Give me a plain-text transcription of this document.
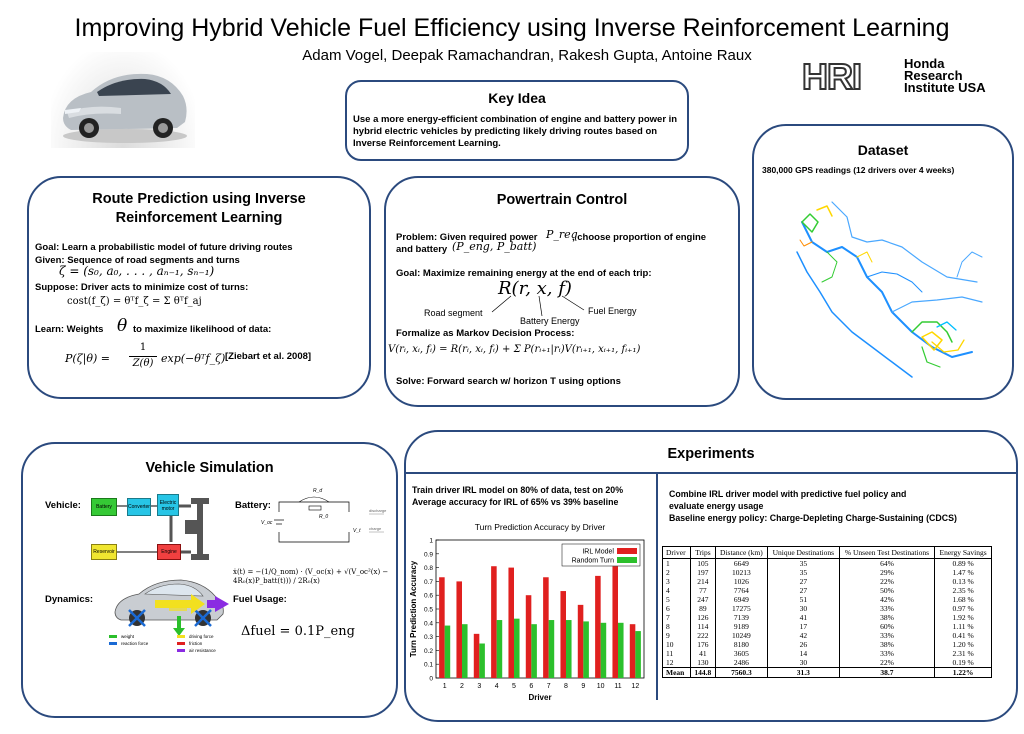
Improving Hybrid Vehicle Fuel Efficiency using Inverse Reinforcement Learning
Adam Vogel, Deepak Ramachandran, Rakesh Gupta, Antoine Raux
HRI	Honda
Research
Institute USA
Key Idea
Use a more energy-efficient combination of engine and battery power in hybrid electric vehicles by predicting likely driving routes based on Inverse Reinforcement Learning.	Dataset
380,000 GPS readings (12 drivers over 4 weeks)
Route Prediction using Inverse Reinforcement Learning
Goal: Learn a probabilistic model of future driving routes
Given: Sequence of road segments and turns
ζ = (s₀, a₀, . . . , aₙ₋₁, sₙ₋₁)
Suppose: Driver acts to minimize cost of turns:
cost(f_ζ) = θᵀf_ζ = Σ θᵀf_aj
Learn: Weights θ to maximize likelihood of data:
P(ζ|θ) =
1
Z(θ) exp(−θᵀf_ζ) [Ziebart et al. 2008]
Powertrain Control
Problem: Given required power P_req
, choose proportion of engine
and battery (P_eng, P_batt)
Goal: Maximize remaining energy at the end of each trip:
R(r, x, f)
Road segment
Battery Energy
Fuel Energy
Formalize as Markov Decision Process:
V(rᵢ, xᵢ, fᵢ) = R(rᵢ, xᵢ, fᵢ) + Σ P(rᵢ₊₁|rᵢ)V(rᵢ₊₁, xᵢ₊₁, fᵢ₊₁)
Solve: Forward search w/ horizon T using options
Vehicle Simulation
Vehicle:	Battery:
Dynamics:	Fuel Usage:
Battery	Converter
Electric motor
Reservoir	Engine
R_d
R_0
V_oc
V_t
discharge
charge
ẋ(t) = −(1/Q_nom) · (V_oc(x) + √(V_oc²(x) − 4R₀(x)P_batt(t))) / 2R₀(x)
weight
reaction force
driving force
friction
air resistance
Δfuel = 0.1P_eng
Experiments
Train driver IRL model on 80% of data, test on 20% Average accuracy for IRL of 65% vs 39% baseline
Combine IRL driver model with predictive fuel policy and evaluate energy usage
Baseline energy policy: Charge-Depleting Charge-Sustaining (CDCS)
Turn Prediction Accuracy by Driver
0
0.1
0.2
0.3
0.4
0.5
0.6
0.7
0.8
0.9
1
Turn Prediction Accuracy
Driver
1 2 3 4 5 6 7 8 9 10 11 12
IRL Model
Random Turn
Driver	Trips	Distance (km)	Unique Destinations	% Unseen Test Destinations	Energy Savings
1	105	6649	35	64%	0.89 %
2	197	10213	35	29%	1.47 %
3	214	1026	27	22%	0.13 %
4	77	7764	27	50%	2.35 %
5	247	6949	51	42%	1.68 %
6	89	17275	30	33%	0.97 %
7	126	7139	41	38%	1.92 %
8	114	9189	17	60%	1.11 %
9	222	10249	42	33%	0.41 %
10	176	8180	26	38%	1.20 %
11	41	3605	14	33%	2.31 %
12	130	2486	30	22%	0.19 %
Mean	144.8	7560.3	31.3	38.7	1.22%
